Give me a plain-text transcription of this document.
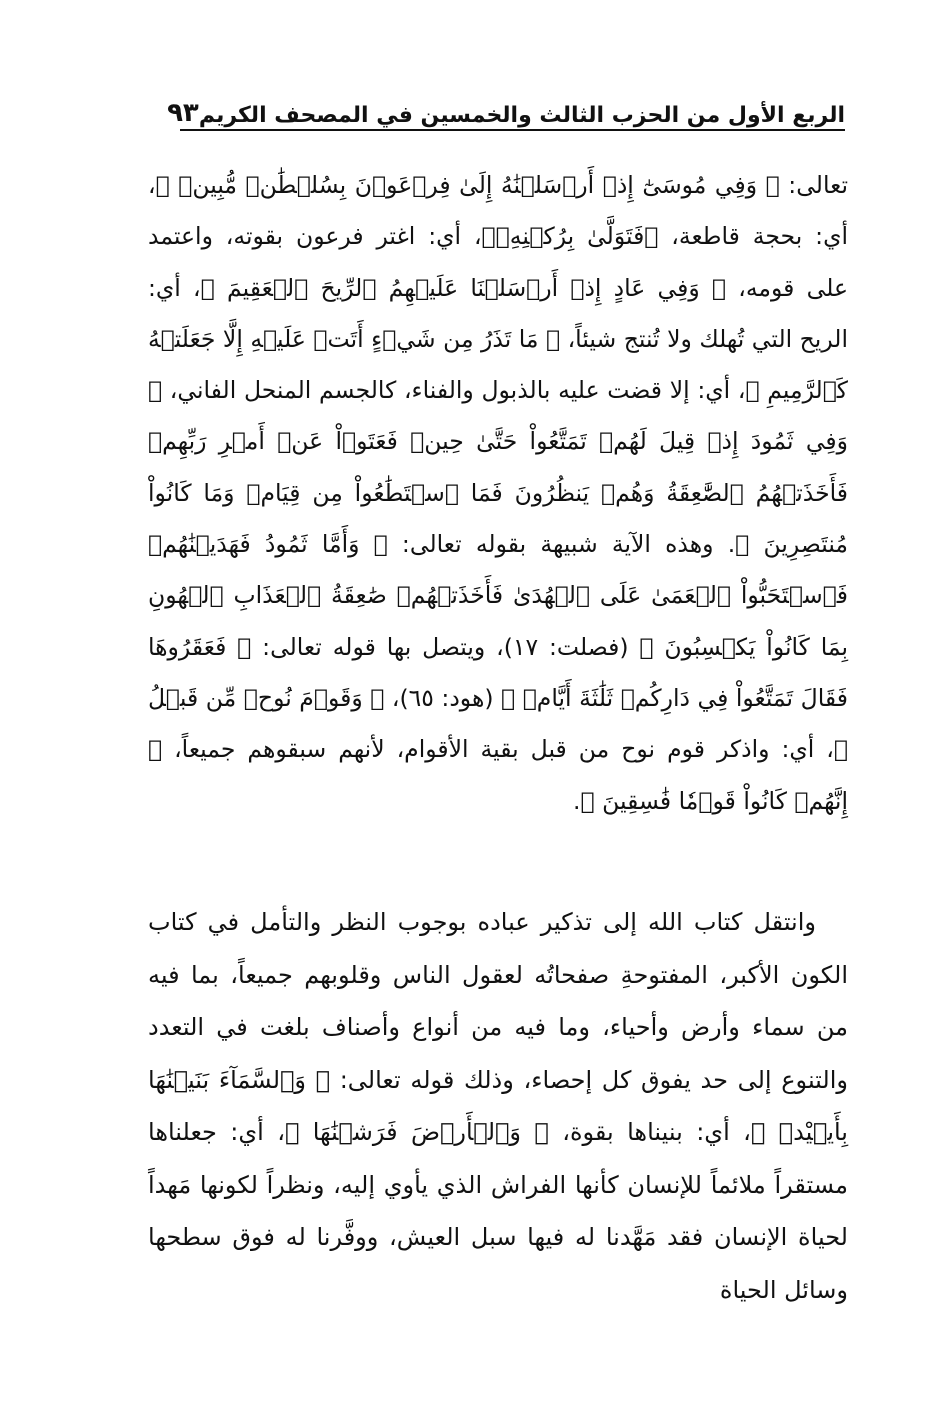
الربع الأول من الحزب الثالث والخمسين في المصحف الكريم
٩٣
تعالى: ﴿ وَفِي مُوسَىٰٓ إِذۡ أَرۡسَلۡنَٰهُ إِلَىٰ فِرۡعَوۡنَ بِسُلۡطَٰنٖ مُّبِينٖ ﴾، أي: بحجة قاطعة، ﴿فَتَوَلَّىٰ بِرُكۡنِهِۦ﴾، أي: اغتر فرعون بقوته، واعتمد على قومه، ﴿ وَفِي عَادٍ إِذۡ أَرۡسَلۡنَا عَلَيۡهِمُ ٱلرِّيحَ ٱلۡعَقِيمَ ﴾، أي: الريح التي تُهلك ولا تُنتج شيئاً، ﴿ مَا تَذَرُ مِن شَيۡءٍ أَتَتۡ عَلَيۡهِ إِلَّا جَعَلَتۡهُ كَٱلرَّمِيمِ ﴾، أي: إلا قضت عليه بالذبول والفناء، كالجسم المنحل الفاني، ﴿ وَفِي ثَمُودَ إِذۡ قِيلَ لَهُمۡ تَمَتَّعُواْ حَتَّىٰ حِينٖ فَعَتَوۡاْ عَنۡ أَمۡرِ رَبِّهِمۡ فَأَخَذَتۡهُمُ ٱلصَّٰعِقَةُ وَهُمۡ يَنظُرُونَ فَمَا ٱسۡتَطَٰعُواْ مِن قِيَامٖ وَمَا كَانُواْ مُنتَصِرِينَ ﴾. وهذه الآية شبيهة بقوله تعالى: ﴿ وَأَمَّا ثَمُودُ فَهَدَيۡنَٰهُمۡ فَٱسۡتَحَبُّواْ ٱلۡعَمَىٰ عَلَى ٱلۡهُدَىٰ فَأَخَذَتۡهُمۡ صَٰعِقَةُ ٱلۡعَذَابِ ٱلۡهُونِ بِمَا كَانُواْ يَكۡسِبُونَ ﴾ (فصلت: ١٧)، ويتصل بها قوله تعالى: ﴿ فَعَقَرُوهَا فَقَالَ تَمَتَّعُواْ فِي دَارِكُمۡ ثَلَٰثَةَ أَيَّامٖ ﴾ (هود: ٦٥)، ﴿ وَقَوۡمَ نُوحٖ مِّن قَبۡلُ ﴾، أي: واذكر قوم نوح من قبل بقية الأقوام، لأنهم سبقوهم جميعاً، ﴿ إِنَّهُمۡ كَانُواْ قَوۡمٗا فَٰسِقِينَ ﴾.
وانتقل كتاب الله إلى تذكير عباده بوجوب النظر والتأمل في كتاب الكون الأكبر، المفتوحةِ صفحاتُه لعقول الناس وقلوبهم جميعاً، بما فيه من سماء وأرض وأحياء، وما فيه من أنواع وأصناف بلغت في التعدد والتنوع إلى حد يفوق كل إحصاء، وذلك قوله تعالى: ﴿ وَٱلسَّمَآءَ بَنَيۡنَٰهَا بِأَيۡيْدٖ ﴾، أي: بنيناها بقوة، ﴿ وَٱلۡأَرۡضَ فَرَشۡنَٰهَا ﴾، أي: جعلناها مستقراً ملائماً للإنسان كأنها الفراش الذي يأوي إليه، ونظراً لكونها مَهداً لحياة الإنسان فقد مَهَّدنا له فيها سبل العيش، ووفَّرنا له فوق سطحها وسائل الحياة
